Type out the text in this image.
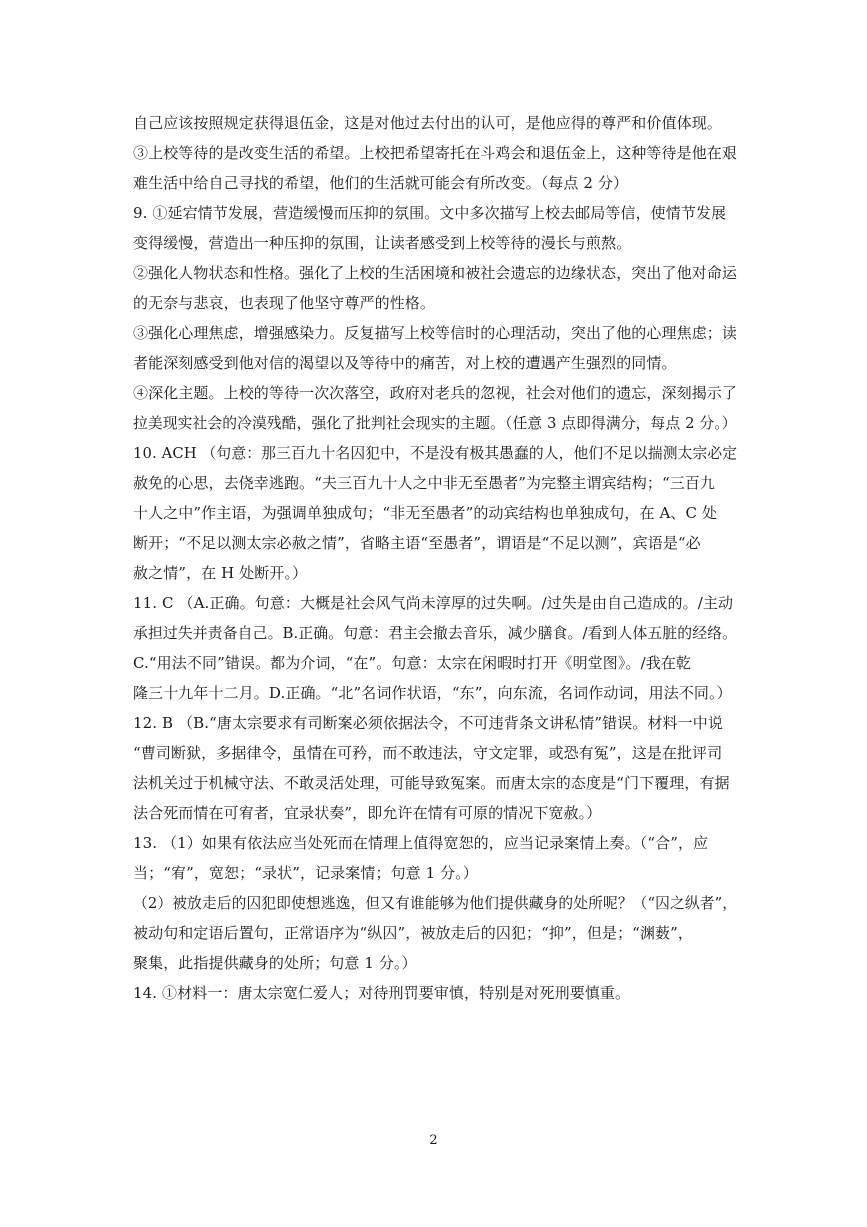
自己应该按照规定获得退伍金，这是对他过去付出的认可，是他应得的尊严和价值体现。
③上校等待的是改变生活的希望。上校把希望寄托在斗鸡会和退伍金上，这种等待是他在艰
难生活中给自己寻找的希望，他们的生活就可能会有所改变。（每点 2 分）
9. ①延宕情节发展，营造缓慢而压抑的氛围。文中多次描写上校去邮局等信，使情节发展
变得缓慢，营造出一种压抑的氛围，让读者感受到上校等待的漫长与煎熬。
②强化人物状态和性格。强化了上校的生活困境和被社会遗忘的边缘状态，突出了他对命运
的无奈与悲哀，也表现了他坚守尊严的性格。
③强化心理焦虑，增强感染力。反复描写上校等信时的心理活动，突出了他的心理焦虑；读
者能深刻感受到他对信的渴望以及等待中的痛苦，对上校的遭遇产生强烈的同情。
④深化主题。上校的等待一次次落空，政府对老兵的忽视，社会对他们的遗忘，深刻揭示了
拉美现实社会的冷漠残酷，强化了批判社会现实的主题。（任意 3 点即得满分，每点 2 分。）
10. ACH （句意：那三百九十名囚犯中，不是没有极其愚蠢的人，他们不足以揣测太宗必定
赦免的心思，去侥幸逃跑。“夫三百九十人之中非无至愚者”为完整主谓宾结构；“三百九
十人之中”作主语，为强调单独成句；“非无至愚者”的动宾结构也单独成句，在 A、C 处
断开；“不足以测太宗必赦之情”，省略主语“至愚者”，谓语是“不足以测”，宾语是“必
赦之情”，在 H 处断开。）
11. C （A.正确。句意：大概是社会风气尚未淳厚的过失啊。/过失是由自己造成的。/主动
承担过失并责备自己。B.正确。句意：君主会撤去音乐，减少膳食。/看到人体五脏的经络。
C.“用法不同”错误。都为介词，“在”。句意：太宗在闲暇时打开《明堂图》。/我在乾
隆三十九年十二月。D.正确。“北”名词作状语，“东”，向东流，名词作动词，用法不同。）
12. B （B.“唐太宗要求有司断案必须依据法令，不可违背条文讲私情”错误。材料一中说
“曹司断狱，多据律令，虽情在可矜，而不敢违法，守文定罪，或恐有冤”，这是在批评司
法机关过于机械守法、不敢灵活处理，可能导致冤案。而唐太宗的态度是“门下覆理，有据
法合死而情在可宥者，宜录状奏”，即允许在情有可原的情况下宽赦。）
13. （1）如果有依法应当处死而在情理上值得宽恕的，应当记录案情上奏。（“合”，应
当；“宥”，宽恕；“录状”，记录案情；句意 1 分。）
（2）被放走后的囚犯即使想逃逸，但又有谁能够为他们提供藏身的处所呢？（“囚之纵者”，
被动句和定语后置句，正常语序为“纵囚”，被放走后的囚犯；“抑”，但是；“渊薮”，
聚集，此指提供藏身的处所；句意 1 分。）
14. ①材料一：唐太宗宽仁爱人；对待刑罚要审慎，特别是对死刑要慎重。
2
